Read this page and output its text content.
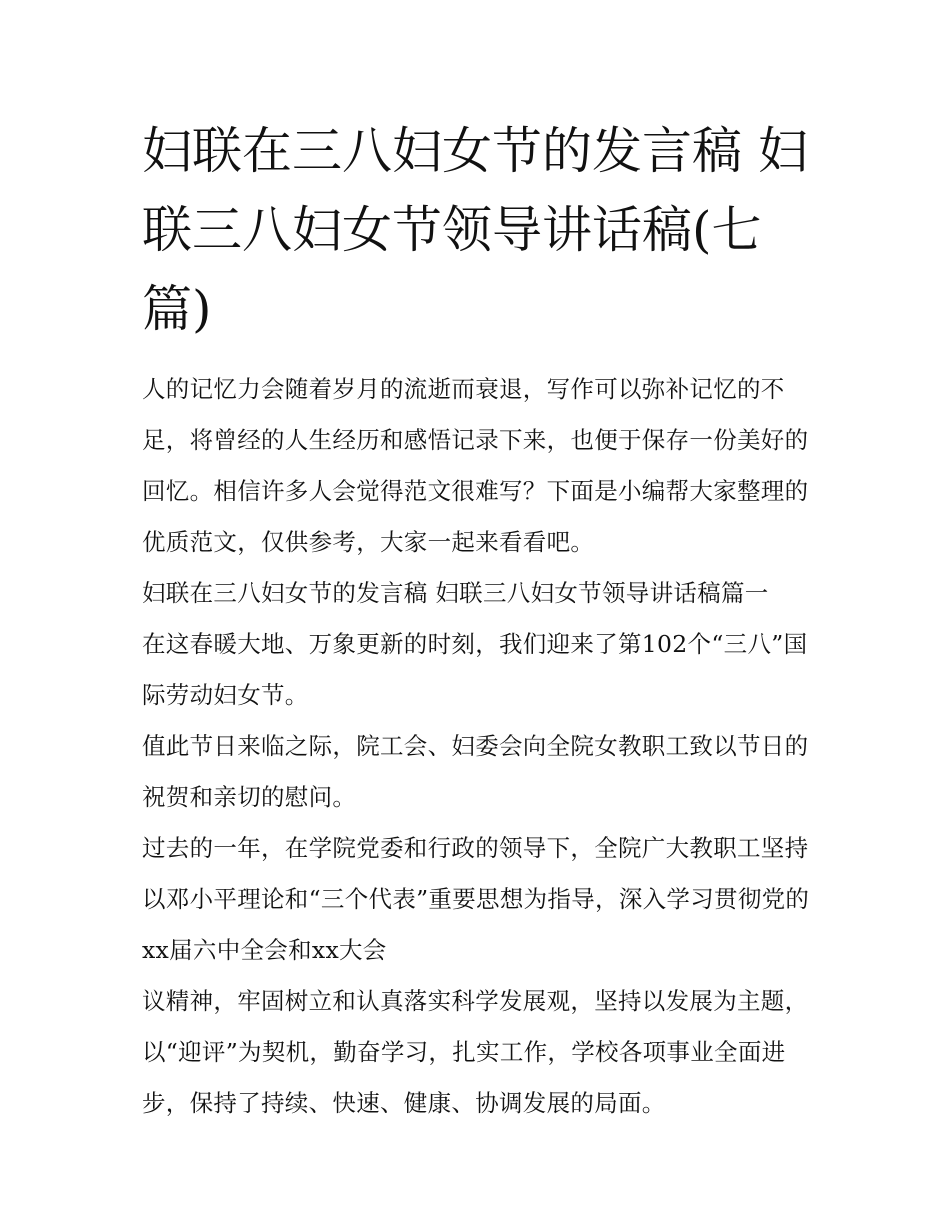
妇联在三八妇女节的发言稿 妇联三八妇女节领导讲话稿(七篇)

人的记忆力会随着岁月的流逝而衰退，写作可以弥补记忆的不足，将曾经的人生经历和感悟记录下来，也便于保存一份美好的回忆。相信许多人会觉得范文很难写？下面是小编帮大家整理的优质范文，仅供参考，大家一起来看看吧。

妇联在三八妇女节的发言稿 妇联三八妇女节领导讲话稿篇一

在这春暖大地、万象更新的时刻，我们迎来了第102个“三八”国际劳动妇女节。

值此节日来临之际，院工会、妇委会向全院女教职工致以节日的祝贺和亲切的慰问。

过去的一年，在学院党委和行政的领导下，全院广大教职工坚持以邓小平理论和“三个代表”重要思想为指导，深入学习贯彻党的xx届六中全会和xx大会

议精神，牢固树立和认真落实科学发展观，坚持以发展为主题，以“迎评”为契机，勤奋学习，扎实工作，学校各项事业全面进步，保持了持续、快速、健康、协调发展的局面。
